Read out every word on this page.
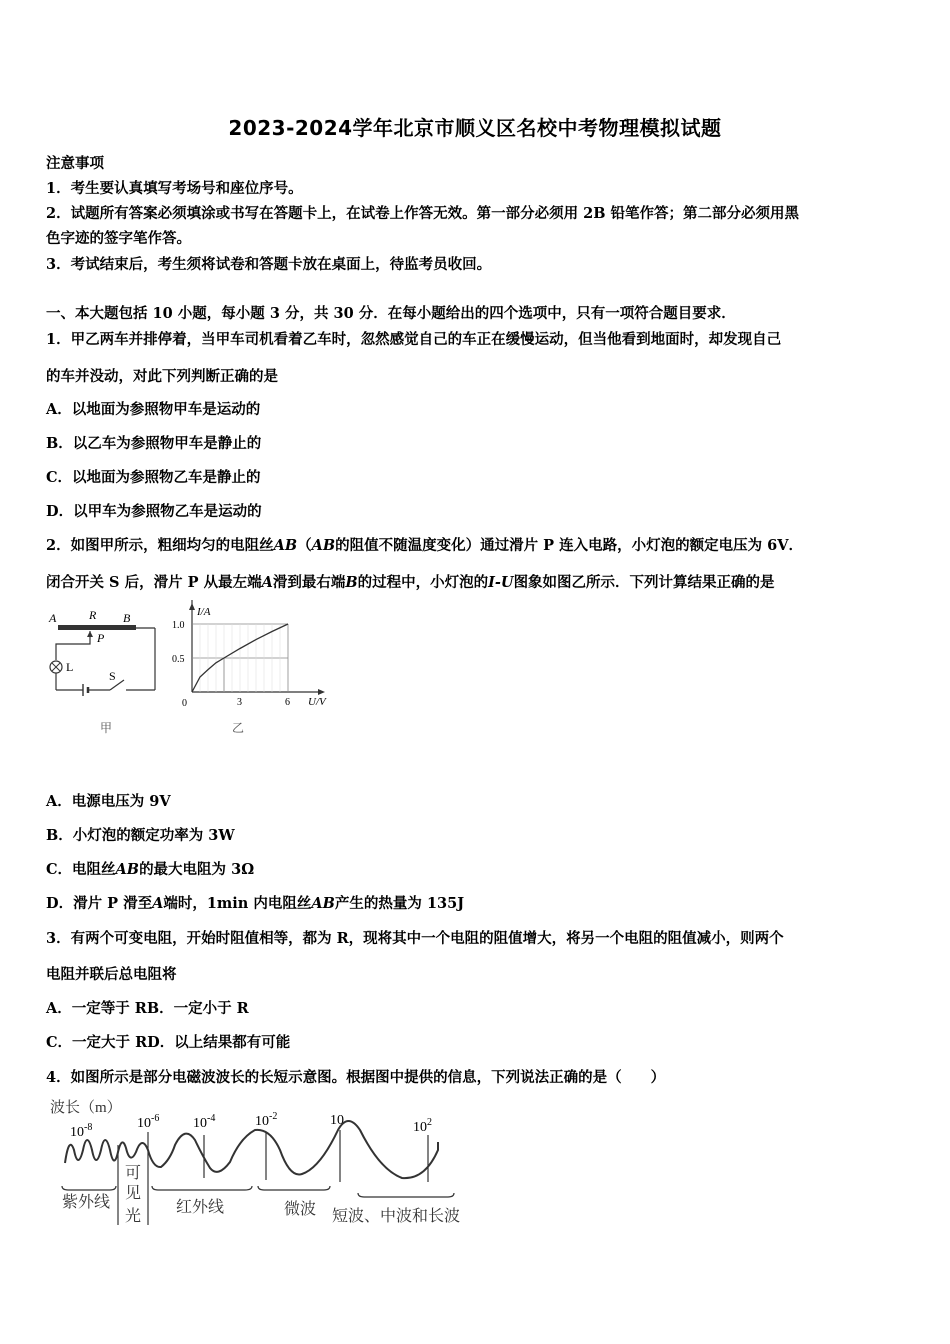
2023-2024学年北京市顺义区名校中考物理模拟试题
注意事项
1．考生要认真填写考场号和座位序号。
2．试题所有答案必须填涂或书写在答题卡上，在试卷上作答无效。第一部分必须用 2B 铅笔作答；第二部分必须用黑
色字迹的签字笔作答。
3．考试结束后，考生须将试卷和答题卡放在桌面上，待监考员收回。
一、本大题包括 10 小题，每小题 3 分，共 30 分．在每小题给出的四个选项中，只有一项符合题目要求．
1．甲乙两车并排停着，当甲车司机看着乙车时，忽然感觉自己的车正在缓慢运动，但当他看到地面时，却发现自己
的车并没动，对此下列判断正确的是
A．以地面为参照物甲车是运动的
B．以乙车为参照物甲车是静止的
C．以地面为参照物乙车是静止的
D．以甲车为参照物乙车是运动的
2．如图甲所示，粗细均匀的电阻丝AB（AB的阻值不随温度变化）通过滑片 P 连入电路，小灯泡的额定电压为 6V．
闭合开关 S 后，滑片 P 从最左端A滑到最右端B的过程中，小灯泡的I-U图象如图乙所示．下列计算结果正确的是
A	R B
P
L
S
甲
I/A
U/V
0
1.0
0.5
3	6
乙
A．电源电压为 9V
B．小灯泡的额定功率为 3W
C．电阻丝AB的最大电阻为 3Ω
D．滑片 P 滑至A端时，1min 内电阻丝AB产生的热量为 135J
3．有两个可变电阻，开始时阻值相等，都为 R，现将其中一个电阻的阻值增大，将另一个电阻的阻值减小，则两个
电阻并联后总电阻将
A．一定等于 RB．一定小于 R
C．一定大于 RD．以上结果都有可能
4．如图所示是部分电磁波波长的长短示意图。根据图中提供的信息，下列说法正确的是（　　）
波长（m）
$10^{-8}$	$10^{-6}$ $10^{-4}$	$10^{-2}$	10	$10^2$
紫外线
可
见
光
红外线	微波 短波、中波和长波
